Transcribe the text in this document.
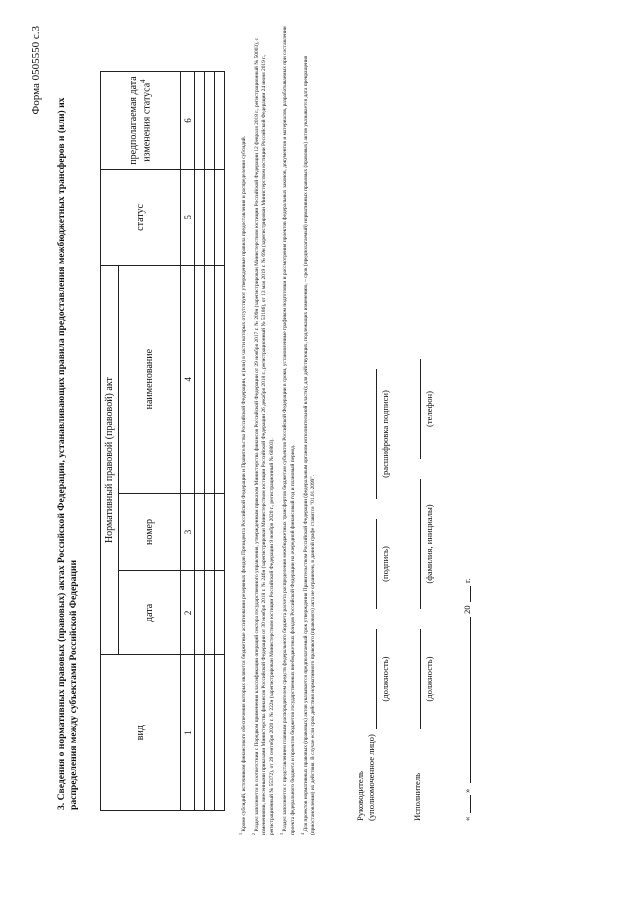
Форма 0505550 с.3
3. Сведения о нормативных правовых (правовых) актах Российской Федерации, устанавливающих правила предоставления межбюджетных трансферов и (или) их распределения между субъектами Российской Федерации	вид	Нормативный правовой (правовой) акт			статус	предполагаемая дата изменения статуса$^4$
	дата	номер	наименование		
1	2	3	4	5	6

$^1$ Кроме субсидий, источником финансового обеспечения которых являются бюджетные ассигнования резервных фондов Президента Российской Федерации и Правительства Российской Федерации, и (или) в части которых отсутствуют утвержденные правила предоставления и распределения субсидий.

$^2$ Раздел заполняется в соответствии с Порядком применения классификации операций сектора государственного управления, утвержденным приказом Министерства финансов Российской Федерации от 29 ноября 2017 г. № 209н (зарегистрирован Министерством юстиции Российской Федерации 12 февраля 2018 г., регистрационный № 50003), с изменениями, внесенными приказами Министерства финансов Российской Федерации от 30 ноября 2018 г. № 246н (зарегистрирован Министерством юстиции Российской Федерации 26 декабря 2018 г., регистрационный № 53186), от 13 мая 2019 г. № 69н (зарегистрирован Министерством юстиции Российской Федерации 24 июня 2019 г., регистрационный № 55372), от 29 сентября 2020 г. № 222н (зарегистрирован Министерством юстиции Российской Федерации 9 ноября 2020 г., регистрационный № 60803).	$^3$ Раздел заполняется с представлением главным распорядителем средств федерального бюджета расчета распределения межбюджетных трансфертов бюджетам субъектов Российской Федерации в сроки, установленные графиком подготовки и рассмотрения проектов федеральных законов, документов и материалов, разрабатываемых при составлении проекта федерального бюджета и проектов бюджетов государственных внебюджетных фондов Российской Федерации на очередной финансовый год и плановый период.	$^4$ Для проектов нормативных правовых (правовых) актов указывается предполагаемый срок утверждения Правительством Российской Федерации (федеральным органом исполнительной власти); для действующих, подлежащих изменению, – срок (предполагаемый) нормативных правовых (правовых) актов указывается дата прекращения (приостановления) их действия. В случае если срок действия нормативного правового (правового) акта не ограничен, в данной графе ставится "01.01.2099".	Руководитель (уполномоченное лицо)
(должность)
(подпись)
(расшифровка подписи)
Исполнитель
(должность)
(фамилия, инициалы)
(телефон)
«
»
20
г.
